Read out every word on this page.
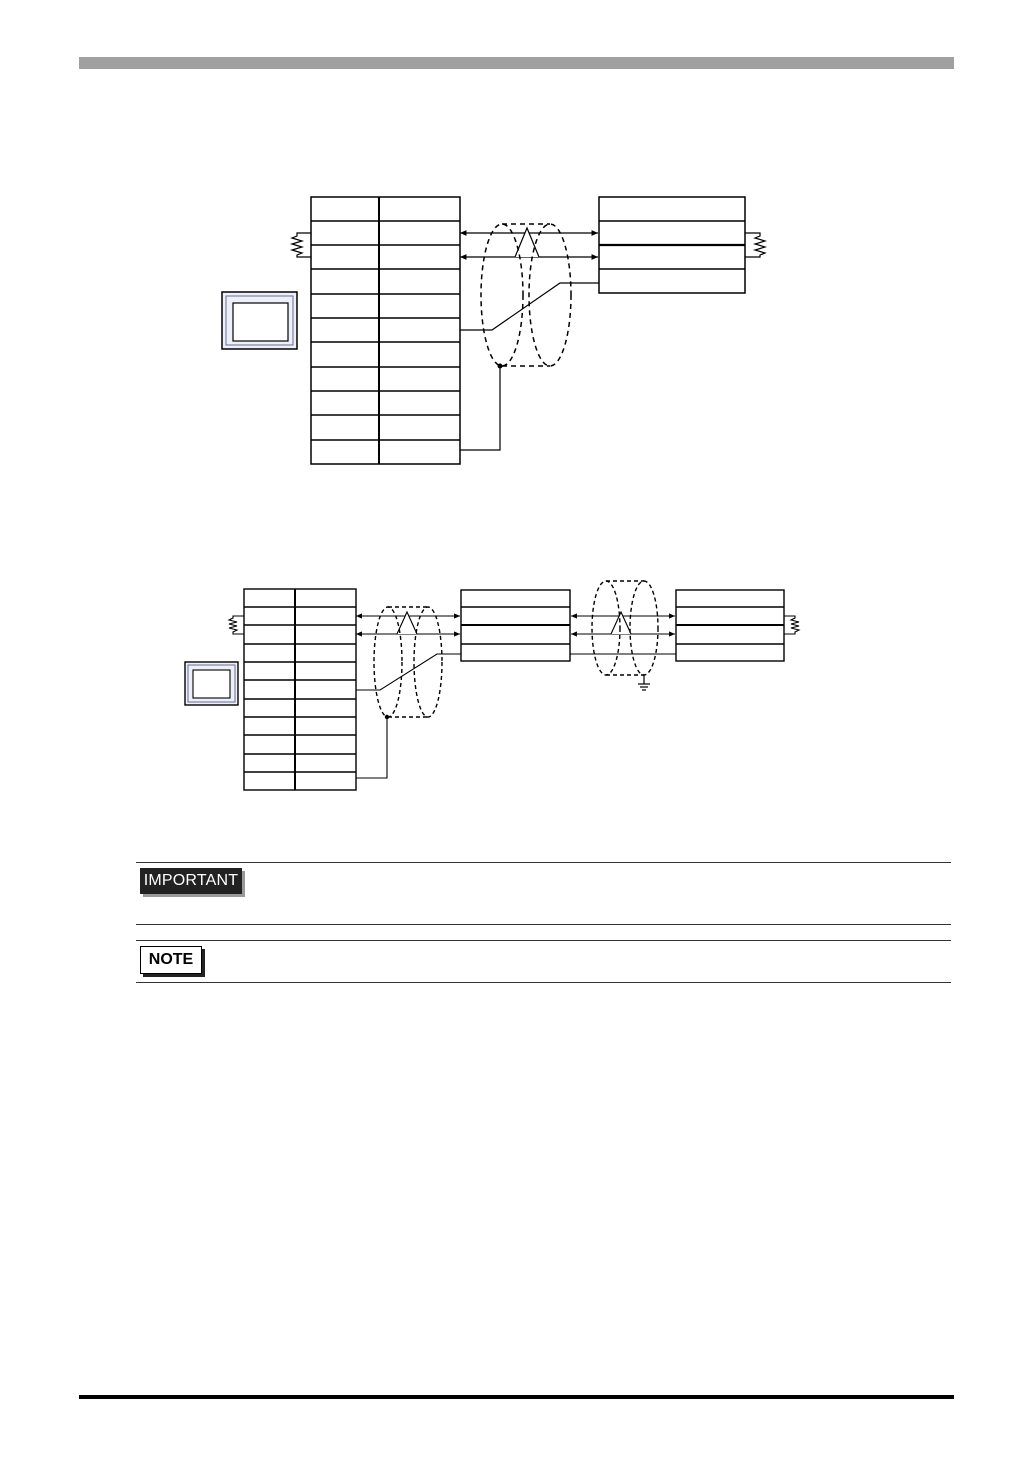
IMPORTANT
NOTE
